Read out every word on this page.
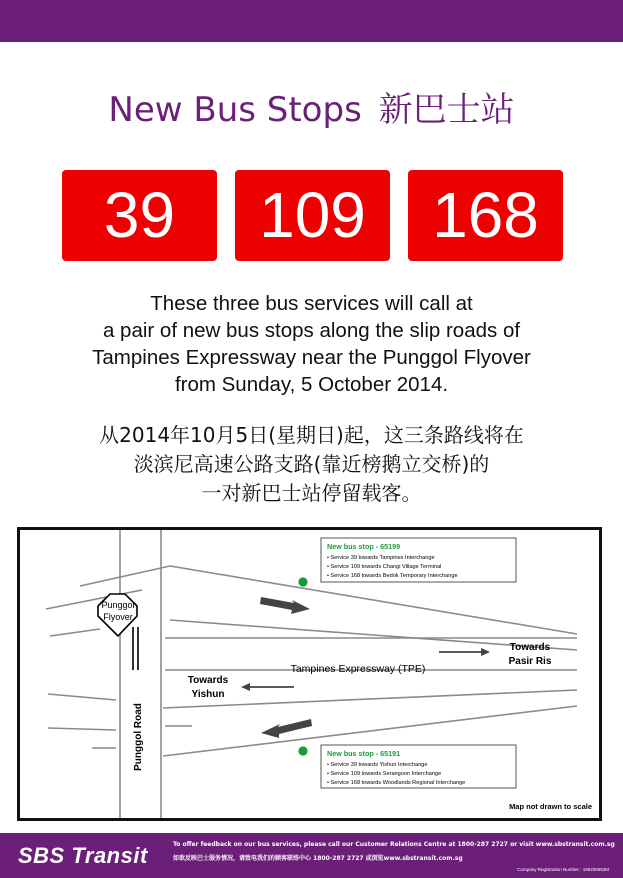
New Bus Stops 新巴士站
39	109	168
These three bus services will call at
a pair of new bus stops along the slip roads of
Tampines Expressway near the Punggol Flyover
from Sunday, 5 October 2014.
从2014年10月5日(星期日)起，这三条路线将在
淡滨尼高速公路支路(靠近榜鹅立交桥)的
一对新巴士站停留载客。
Punggol
Flyover
Tampines Expressway (TPE)
Towards
Pasir Ris
Towards
Yishun
Punggol Road
New bus stop - 65199
• Service 39 towards Tampines Interchange
• Service 109 towards Changi Village Terminal
• Service 168 towards Bedok Temporary Interchange
New bus stop - 65191
• Service 39 towards Yishun Interchange
• Service 109 towards Serangoon Interchange
• Service 168 towards Woodlands Regional Interchange
Map not drawn to scale
SBS Transit	To offer feedback on our bus services, please call our Customer Relations Centre at 1800-287 2727 or visit www.sbstransit.com.sg
如欲反映巴士服务情况，请致电我们的顾客联络中心 1800-287 2727 或浏览www.sbstransit.com.sg
Company Registration Number : 199206653M
